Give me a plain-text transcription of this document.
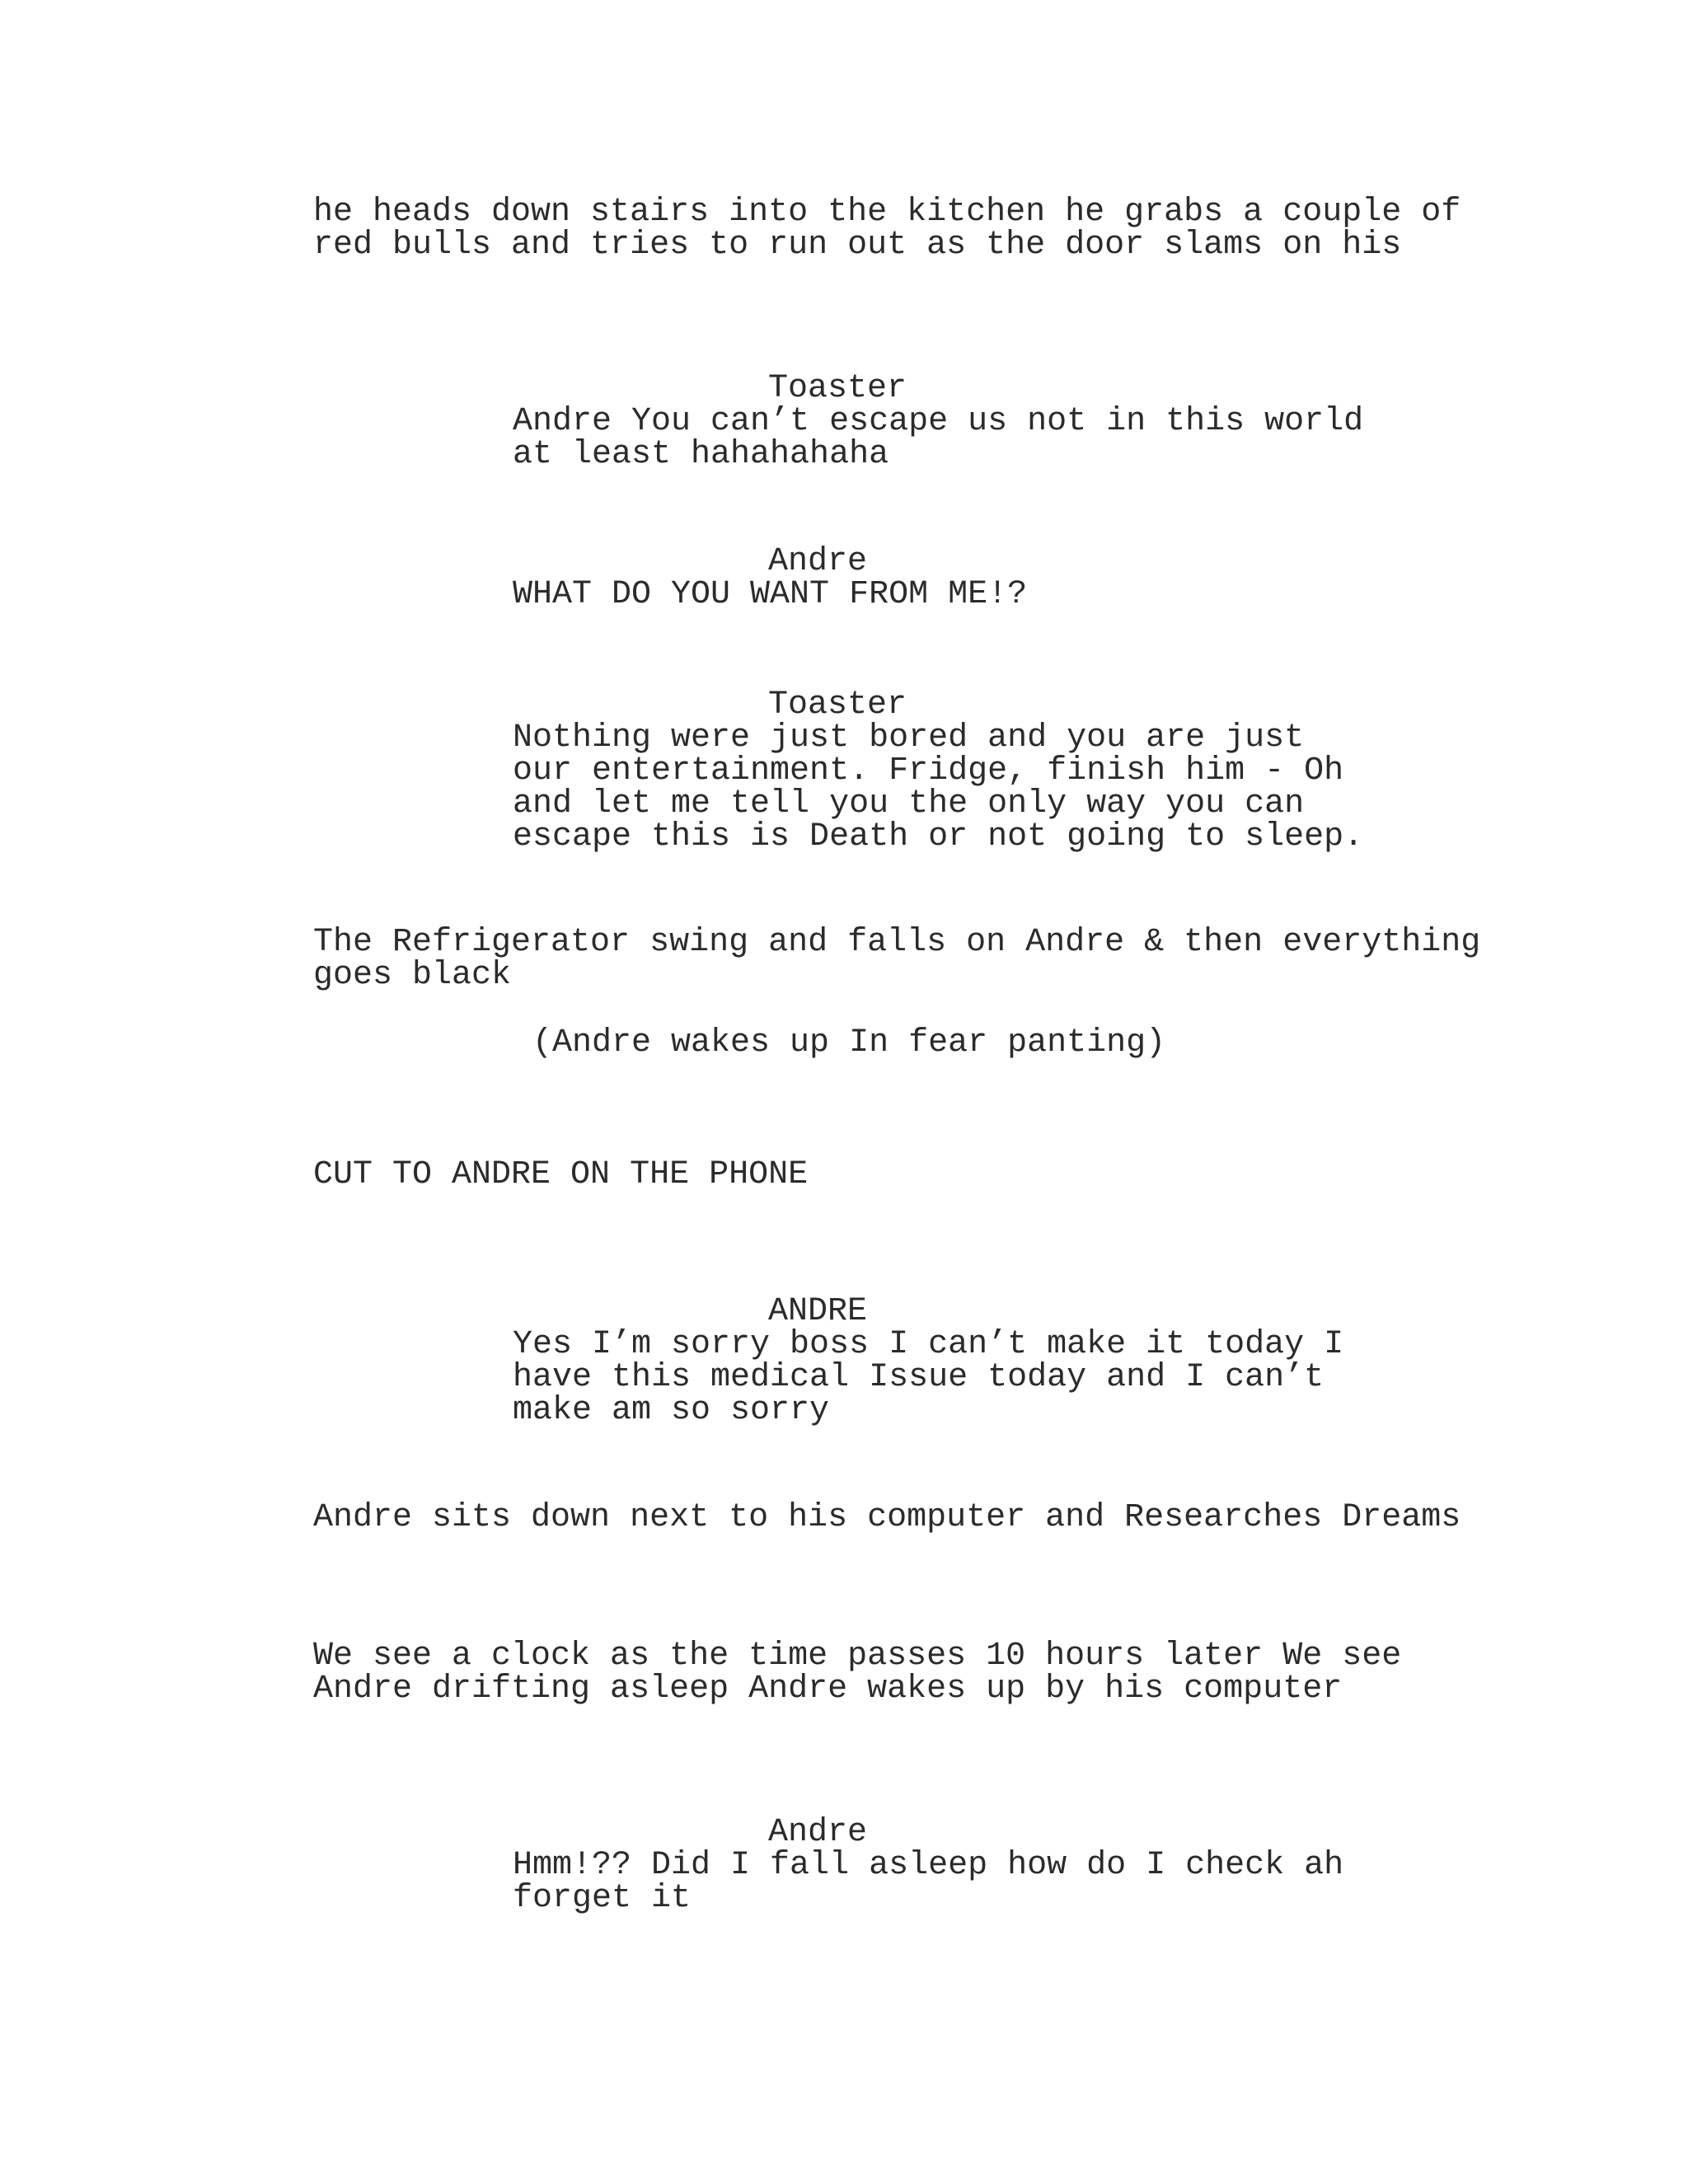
he heads down stairs into the kitchen he grabs a couple of
red bulls and tries to run out as the door slams on his
Toaster
Andre You can’t escape us not in this world
at least hahahahaha
Andre
WHAT DO YOU WANT FROM ME!?
Toaster
Nothing were just bored and you are just
our entertainment. Fridge, finish him - Oh
and let me tell you the only way you can
escape this is Death or not going to sleep.
The Refrigerator swing and falls on Andre & then everything
goes black
(Andre wakes up In fear panting)
CUT TO ANDRE ON THE PHONE
ANDRE
Yes I’m sorry boss I can’t make it today I
have this medical Issue today and I can’t
make am so sorry
Andre sits down next to his computer and Researches Dreams
We see a clock as the time passes 10 hours later We see
Andre drifting asleep Andre wakes up by his computer
Andre
Hmm!?? Did I fall asleep how do I check ah
forget it
